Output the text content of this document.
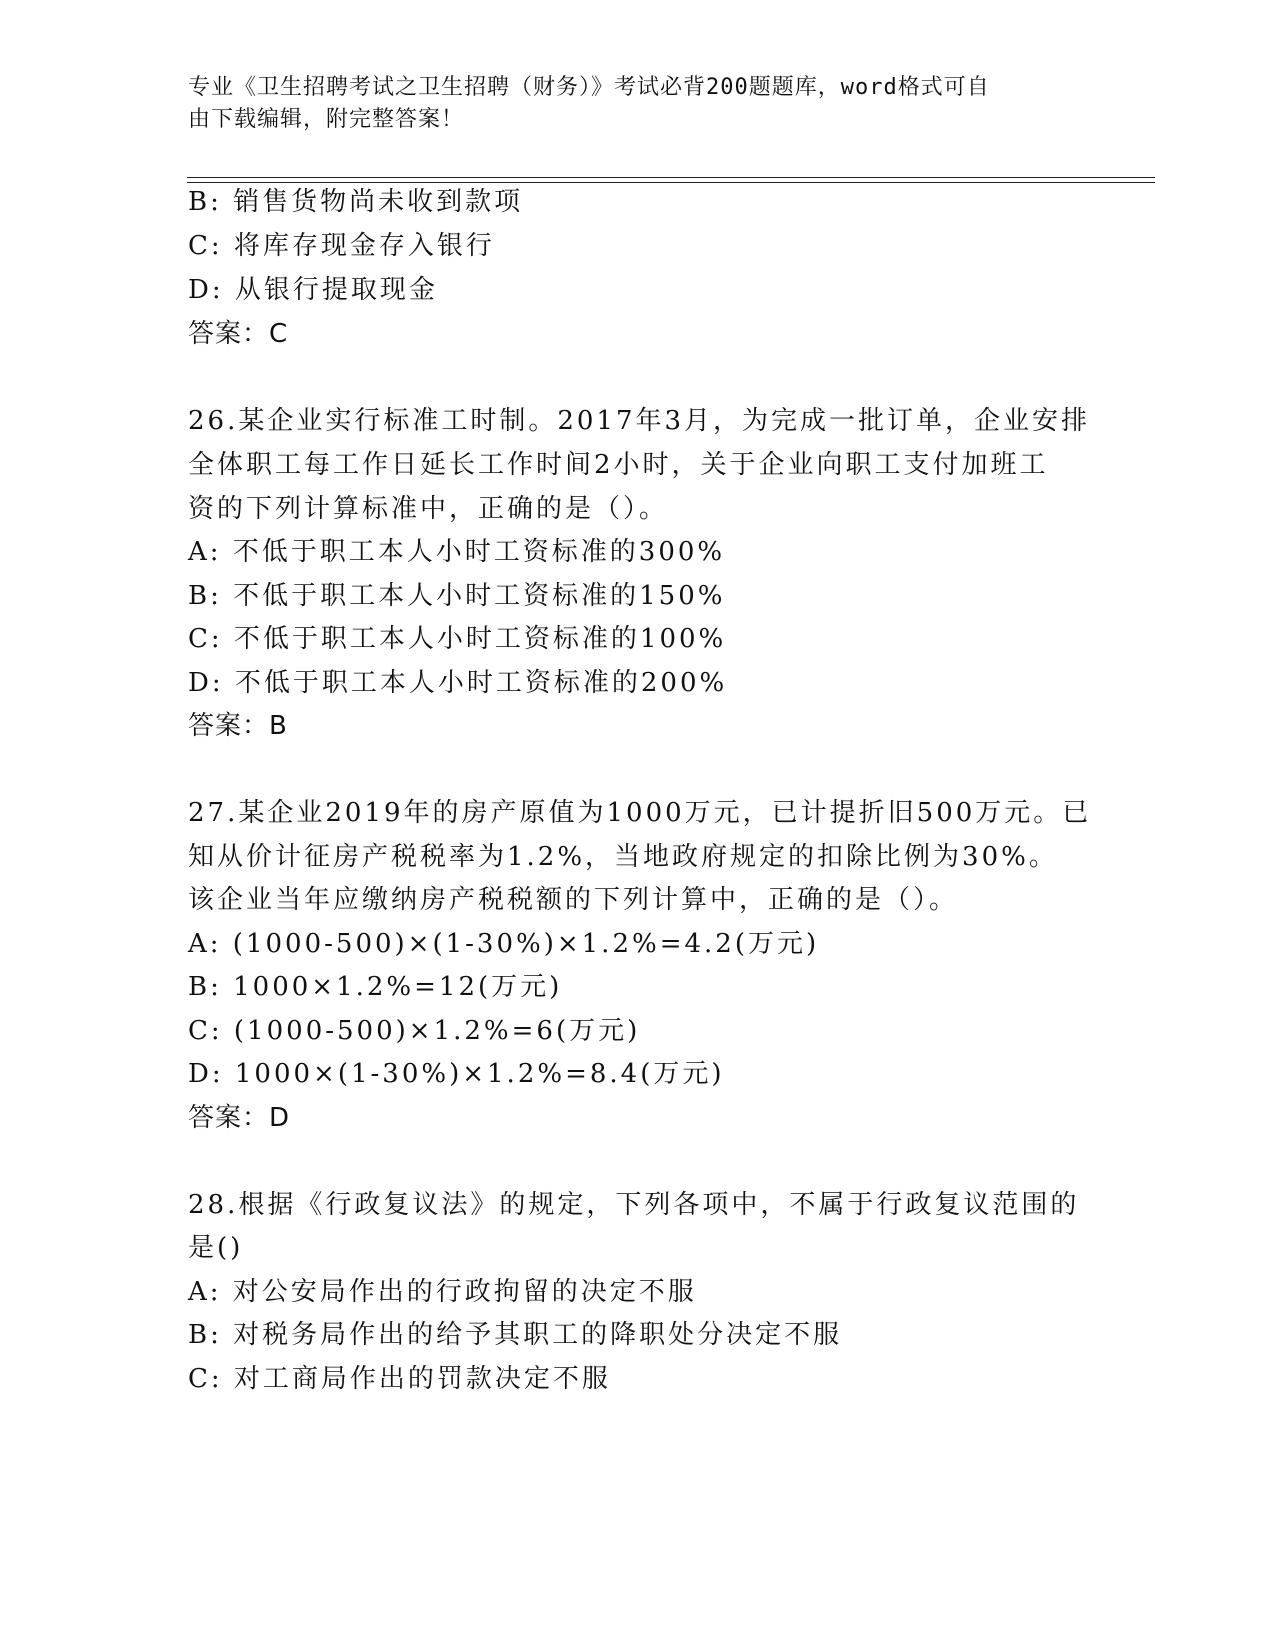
专业《卫生招聘考试之卫生招聘（财务）》考试必背200题题库，word格式可自
由下载编辑，附完整答案！
B: 销售货物尚未收到款项
C: 将库存现金存入银行
D: 从银行提取现金
答案：C
26.某企业实行标准工时制。2017年3月，为完成一批订单，企业安排
全体职工每工作日延长工作时间2小时，关于企业向职工支付加班工
资的下列计算标准中，正确的是（）。
A: 不低于职工本人小时工资标准的300%
B: 不低于职工本人小时工资标准的150%
C: 不低于职工本人小时工资标准的100%
D: 不低于职工本人小时工资标准的200%
答案：B
27.某企业2019年的房产原值为1000万元，已计提折旧500万元。已
知从价计征房产税税率为1.2%，当地政府规定的扣除比例为30%。
该企业当年应缴纳房产税税额的下列计算中，正确的是（）。
A: (1000-500)×(1-30%)×1.2%=4.2(万元)
B: 1000×1.2%=12(万元)
C: (1000-500)×1.2%=6(万元)
D: 1000×(1-30%)×1.2%=8.4(万元)
答案：D
28.根据《行政复议法》的规定，下列各项中，不属于行政复议范围的
是()
A: 对公安局作出的行政拘留的决定不服
B: 对税务局作出的给予其职工的降职处分决定不服
C: 对工商局作出的罚款决定不服
